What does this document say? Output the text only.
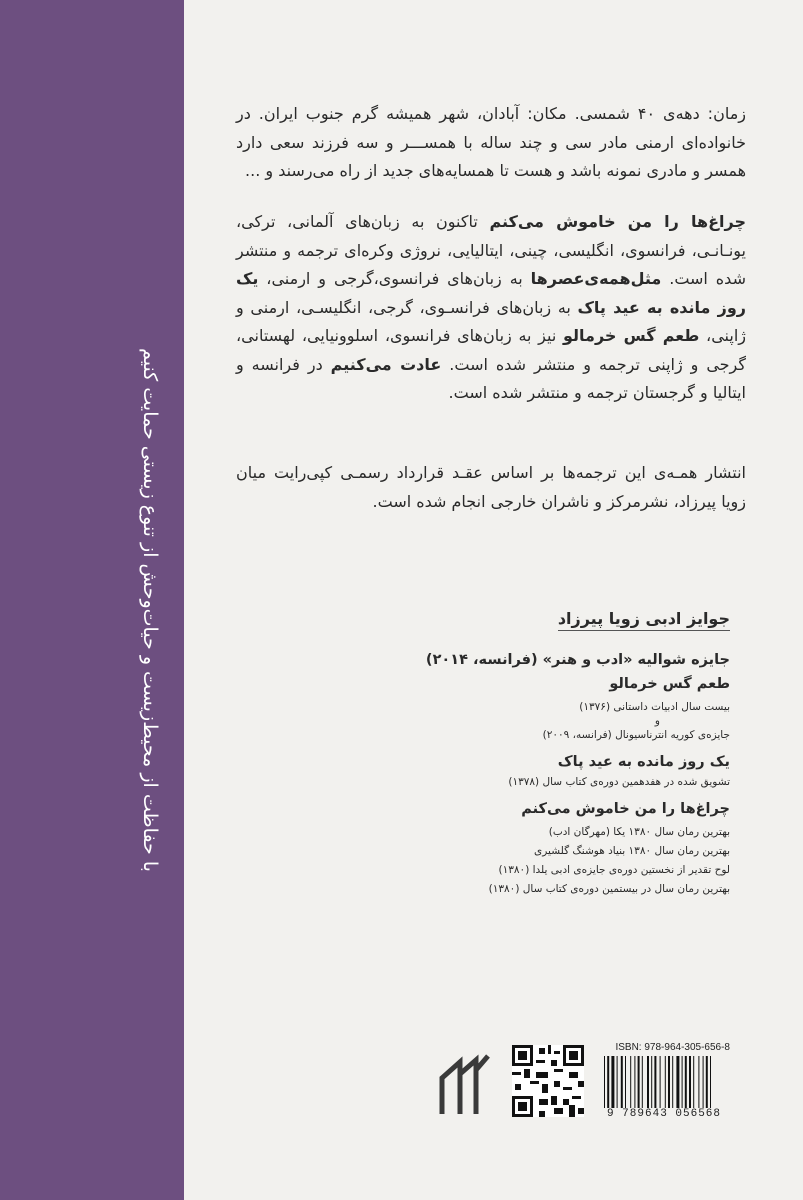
با حفاظت از محیط‌زیست و حیات‌وحش از تنوع زیستی حمایت کنیم
زمان: دهه‌ی ۴۰ شمسی. مکان: آبادان، شهر همیشه گرم جنوب ایران. در خانواده‌ای ارمنی مادر سی و چند ساله با همســـر و سه فرزند سعی دارد همسر و مادری نمونه باشد و هست تا همسایه‌های جدید از راه می‌رسند و ...
چراغ‌ها را من خاموش می‌کنم تاکنون به زبان‌های آلمانی، ترکی، یونـانـی، فرانسوی، انگلیسی، چینی، ایتالیایی، نروژی وکره‌ای ترجمه و منتشر شده است. مثل‌همه‌ی‌عصرها به زبان‌های فرانسوی،گرجی و ارمنی، یک روز مانده به عید پاک به زبان‌های فرانسـوی، گرجی، انگلیسـی، ارمنی و ژاپنی، طعم گس خرمالو نیز به زبان‌های فرانسوی، اسلوونیایی، لهستانی، گرجی و ژاپنی ترجمه و منتشر شده است. عادت می‌کنیم در فرانسه و ایتالیا و گرجستان ترجمه و منتشر شده است.
انتشار همـه‌ی این ترجمه‌ها بر اساس عقـد قرارداد رسمـی کپی‌رایت میان زویا پیرزاد، نشرمرکز و ناشران خارجی انجام شده است.
جوایز ادبی زویا پیرزاد
جایزه شوالیه «ادب و هنر» (فرانسه، ۲۰۱۴)
طعم گس خرمالو
بیست سال ادبیات داستانی (۱۳۷۶)
و
جایزه‌ی کوریه انترناسیونال (فرانسه، ۲۰۰۹)
یک روز مانده به عید پاک
تشویق شده در هفدهمین دوره‌ی کتاب سال (۱۳۷۸)
چراغ‌ها را من خاموش می‌کنم
بهترین رمان سال ۱۳۸۰ یکا (مهرگان ادب)
بهترین رمان سال ۱۳۸۰ بنیاد هوشنگ گلشیری
لوح تقدیر از نخستین دوره‌ی جایزه‌ی ادبی یلدا (۱۳۸۰)
بهترین رمان سال در بیستمین دوره‌ی کتاب سال (۱۳۸۰)
ISBN: 978-964-305-656-8
9 789643 056568
